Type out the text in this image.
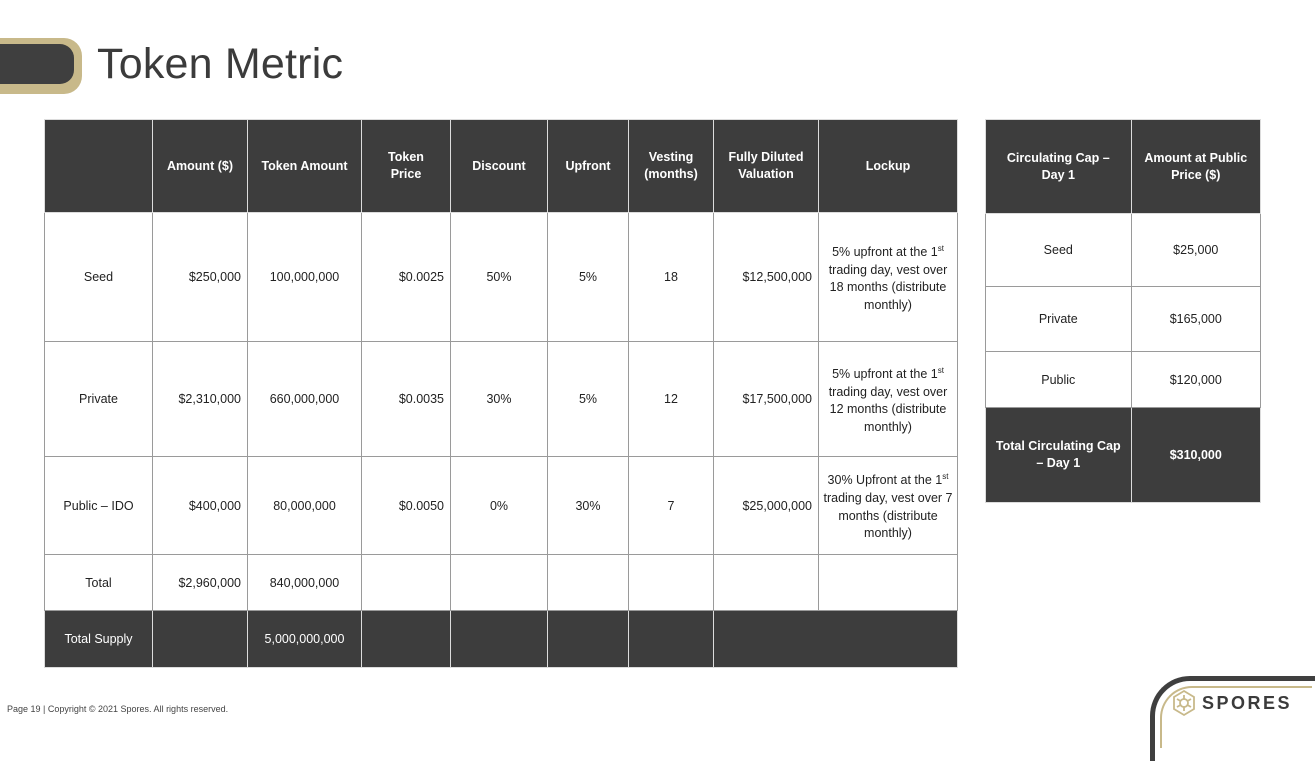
Token Metric
	Amount ($)	Token Amount	Token Price	Discount	Upfront	Vesting (months)	Fully Diluted Valuation	Lockup
Seed	$250,000	100,000,000	$0.0025	50%	5%	18	$12,500,000	5% upfront at the 1st trading day, vest over 18 months (distribute monthly)
Private	$2,310,000	660,000,000	$0.0035	30%	5%	12	$17,500,000	5% upfront at the 1st trading day, vest over 12 months (distribute monthly)
Public – IDO	$400,000	80,000,000	$0.0050	0%	30%	7	$25,000,000	30% Upfront at the 1st trading day, vest over 7 months (distribute monthly)
Total	$2,960,000	840,000,000						
Total Supply		5,000,000,000						
Circulating Cap – Day 1	Amount at Public Price ($)
Seed	$25,000
Private	$165,000
Public	$120,000
Total Circulating Cap – Day 1	$310,000
Page 19 | Copyright © 2021 Spores. All rights reserved.	SPORES
